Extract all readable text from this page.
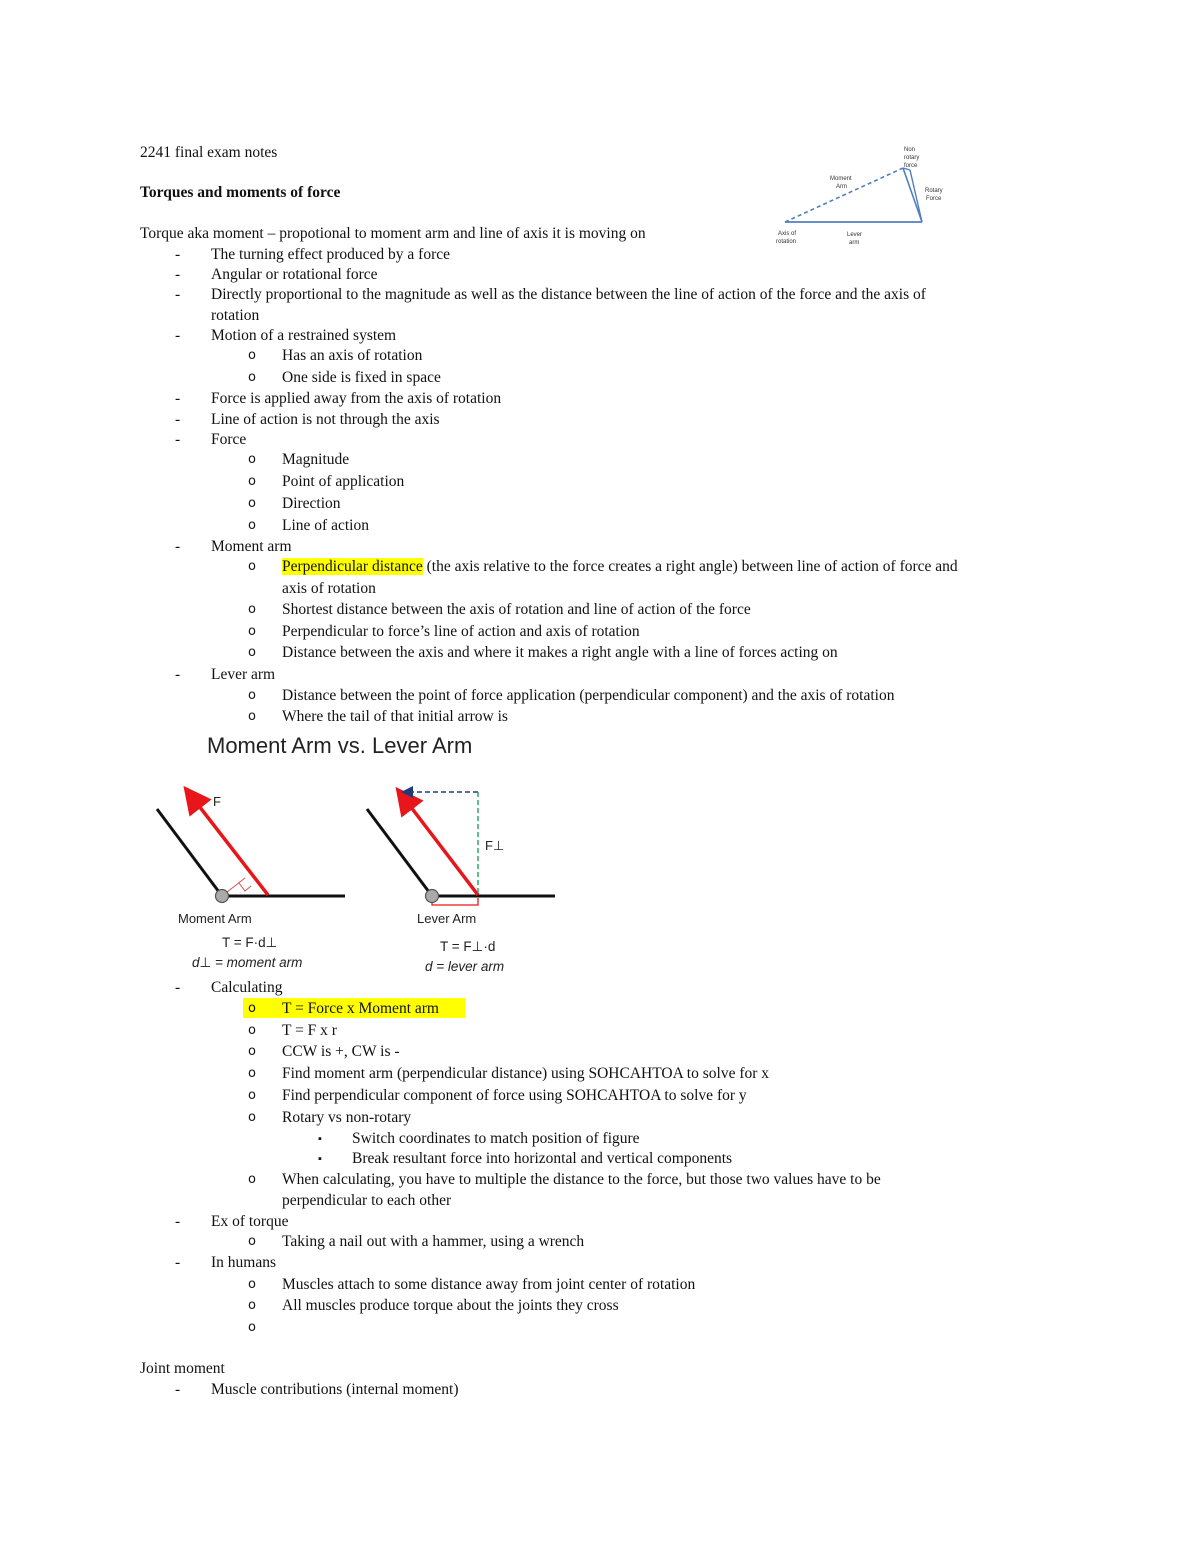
2241 final exam notes
Torques and moments of force
Torque aka moment – propotional to moment arm and line of axis it is moving on
Non
rotary
force
Moment
Arm
Rotary
Force
Axis of
rotation
Lever
arm
- The turning effect produced by a force
- Angular or rotational force
- Directly proportional to the magnitude as well as the distance between the line of action of the force and the axis of
rotation
- Motion of a restrained system
o Has an axis of rotation
o One side is fixed in space
- Force is applied away from the axis of rotation
- Line of action is not through the axis
- Force
o Magnitude
o Point of application
o Direction
o Line of action
- Moment arm
o Perpendicular distance (the axis relative to the force creates a right angle) between line of action of force and
axis of rotation
o Shortest distance between the axis of rotation and line of action of the force
o Perpendicular to force’s line of action and axis of rotation
o Distance between the axis and where it makes a right angle with a line of forces acting on
- Lever arm
o Distance between the point of force application (perpendicular component) and the axis of rotation
o Where the tail of that initial arrow is
Moment Arm vs. Lever Arm
F
Moment Arm
T = F·d⊥
d⊥ = moment arm
F⊥
Lever Arm
T = F⊥·d
d = lever arm
- Calculating
o T = Force x Moment arm
o T = F x r
o CCW is +, CW is -
o Find moment arm (perpendicular distance) using SOHCAHTOA to solve for x
o Find perpendicular component of force using SOHCAHTOA to solve for y
o Rotary vs non-rotary
▪ Switch coordinates to match position of figure
▪ Break resultant force into horizontal and vertical components
o When calculating, you have to multiple the distance to the force, but those two values have to be
perpendicular to each other
- Ex of torque
o Taking a nail out with a hammer, using a wrench
- In humans
o Muscles attach to some distance away from joint center of rotation
o All muscles produce torque about the joints they cross
o
Joint moment
- Muscle contributions (internal moment)
